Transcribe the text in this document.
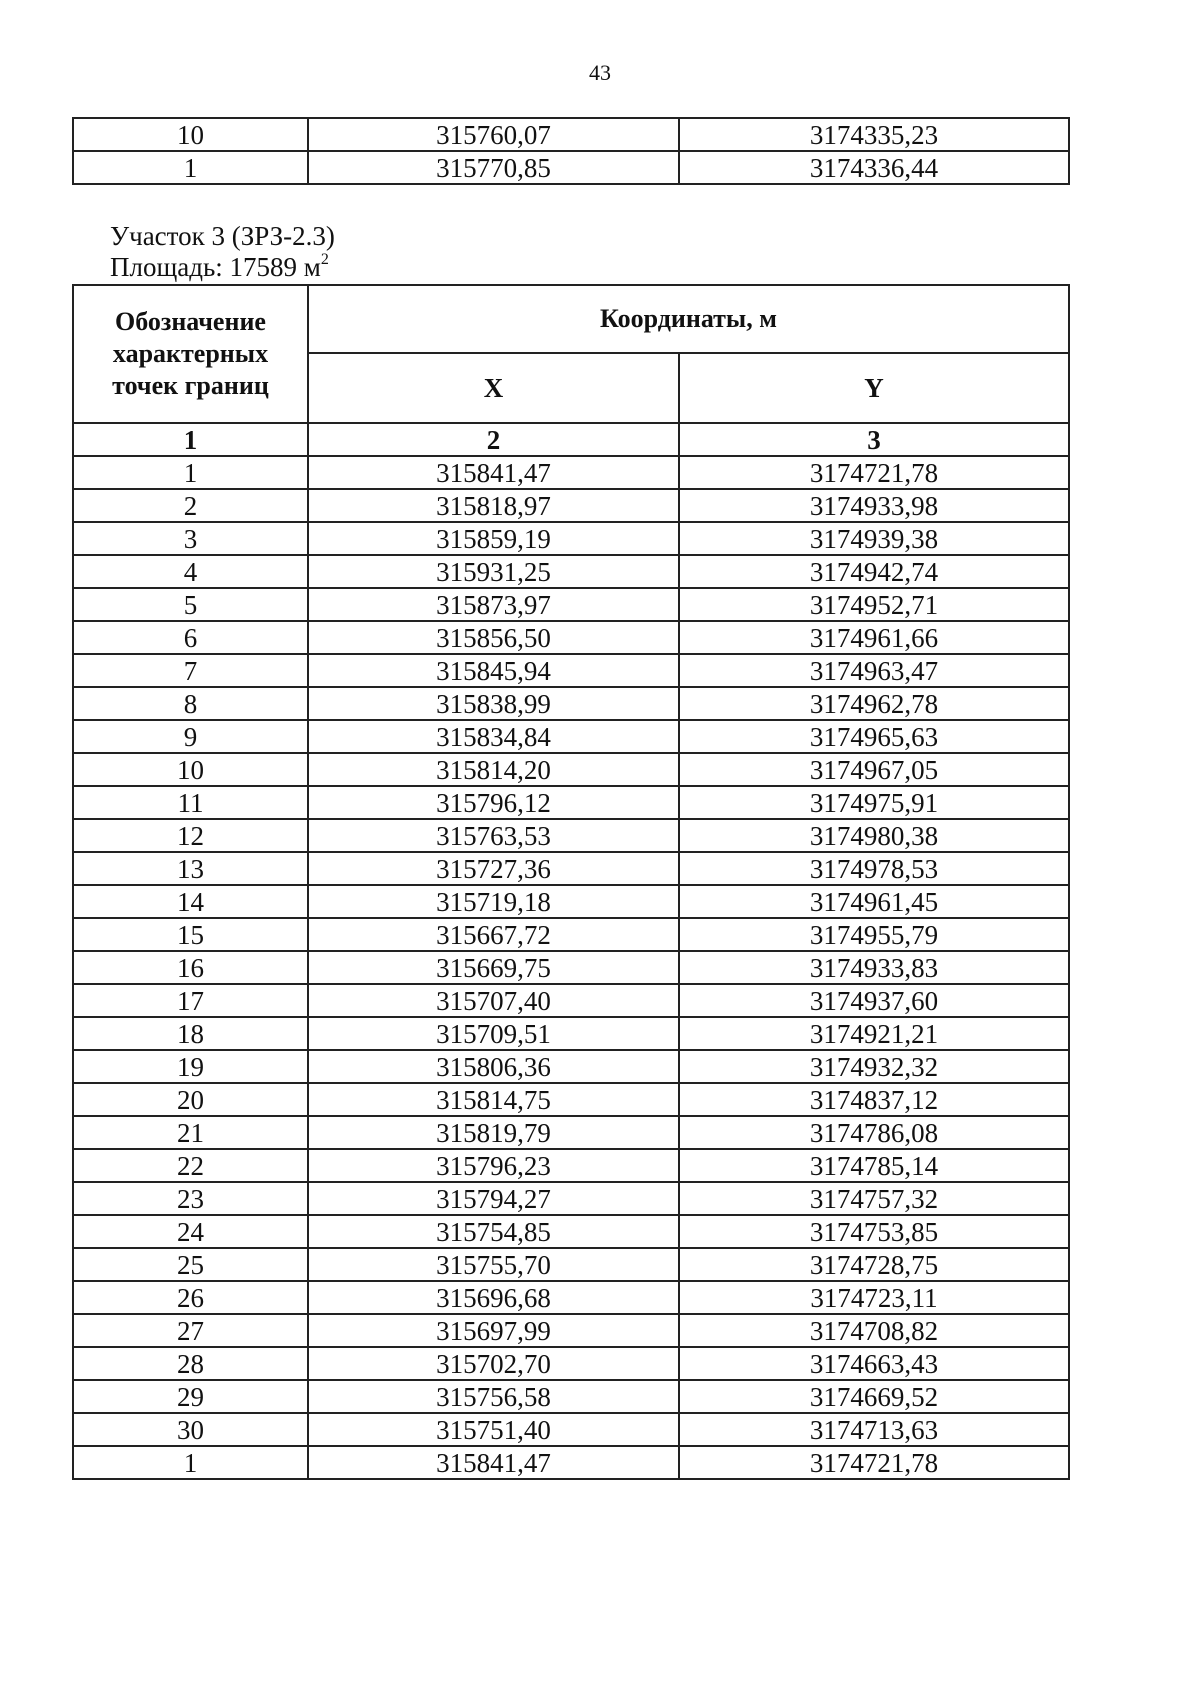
43
10	315760,07	3174335,23
1	315770,85	3174336,44
Участок 3 (ЗРЗ-2.3)
Площадь: 17589 $м^2$
Обозначение характерных точек границ	Координаты, м	
	X	Y
1	2	3
1	315841,47	3174721,78
2	315818,97	3174933,98
3	315859,19	3174939,38
4	315931,25	3174942,74
5	315873,97	3174952,71
6	315856,50	3174961,66
7	315845,94	3174963,47
8	315838,99	3174962,78
9	315834,84	3174965,63
10	315814,20	3174967,05
11	315796,12	3174975,91
12	315763,53	3174980,38
13	315727,36	3174978,53
14	315719,18	3174961,45
15	315667,72	3174955,79
16	315669,75	3174933,83
17	315707,40	3174937,60
18	315709,51	3174921,21
19	315806,36	3174932,32
20	315814,75	3174837,12
21	315819,79	3174786,08
22	315796,23	3174785,14
23	315794,27	3174757,32
24	315754,85	3174753,85
25	315755,70	3174728,75
26	315696,68	3174723,11
27	315697,99	3174708,82
28	315702,70	3174663,43
29	315756,58	3174669,52
30	315751,40	3174713,63
1	315841,47	3174721,78
